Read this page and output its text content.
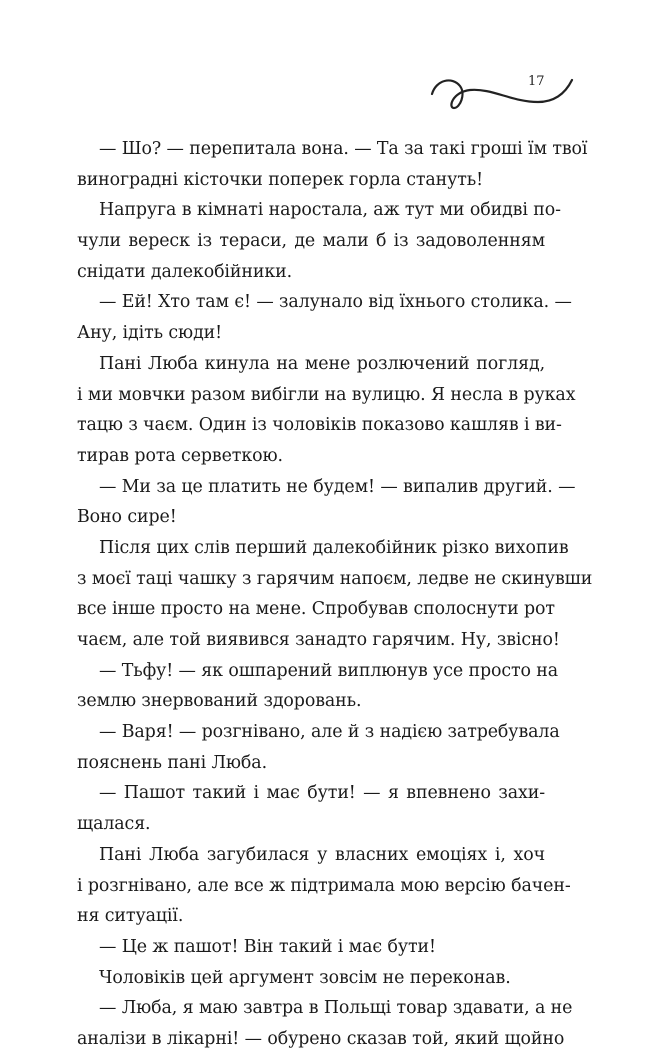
17
— Шо? — перепитала вона. — Та за такі гроші їм твої
виноградні кісточки поперек горла стануть!
Напруга в кімнаті наростала, аж тут ми обидві по-
чули вереск із тераси, де мали б із задоволенням
снідати далекобійники.
— Ей! Хто там є! — залунало від їхнього столика. —
Ану, ідіть сюди!
Пані Люба кинула на мене розлючений погляд,
і ми мовчки разом вибігли на вулицю. Я несла в руках
тацю з чаєм. Один із чоловіків показово кашляв і ви-
тирав рота серветкою.
— Ми за це платить не будем! — випалив другий. —
Воно сире!
Після цих слів перший далекобійник різко вихопив
з моєї таці чашку з гарячим напоєм, ледве не скинувши
все інше просто на мене. Спробував сполоснути рот
чаєм, але той виявився занадто гарячим. Ну, звісно!
— Тьфу! — як ошпарений виплюнув усе просто на
землю знервований здоровань.
— Варя! — розгнівано, але й з надією затребувала
пояснень пані Люба.
— Пашот такий і має бути! — я впевнено захи-
щалася.
Пані Люба загубилася у власних емоціях і, хоч
і розгнівано, але все ж підтримала мою версію бачен-
ня ситуації.
— Це ж пашот! Він такий і має бути!
Чоловіків цей аргумент зовсім не переконав.
— Люба, я маю завтра в Польщі товар здавати, а не
аналізи в лікарні! — обурено сказав той, який щойно
